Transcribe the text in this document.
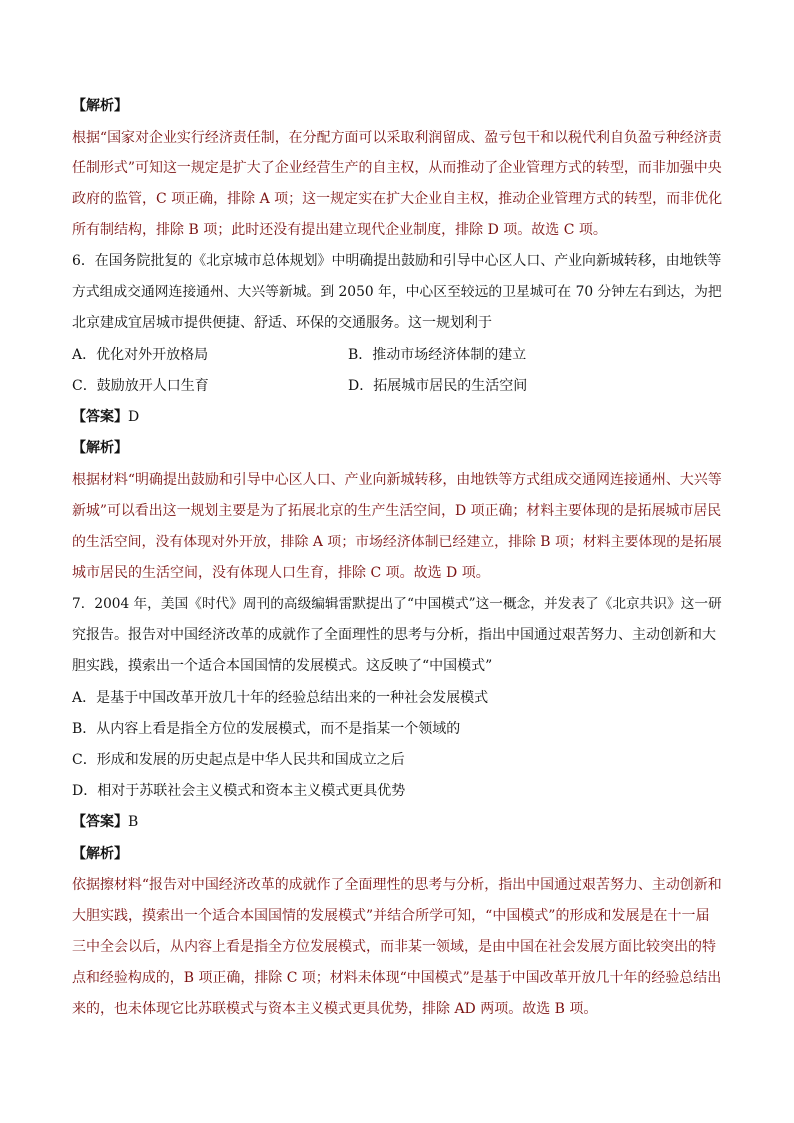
【解析】
根据“国家对企业实行经济责任制，在分配方面可以采取利润留成、盈亏包干和以税代利自负盈亏种经济责
任制形式”可知这一规定是扩大了企业经营生产的自主权，从而推动了企业管理方式的转型，而非加强中央
政府的监管，C 项正确，排除 A 项；这一规定实在扩大企业自主权，推动企业管理方式的转型，而非优化
所有制结构，排除 B 项；此时还没有提出建立现代企业制度，排除 D 项。故选 C 项。
6．在国务院批复的《北京城市总体规划》中明确提出鼓励和引导中心区人口、产业向新城转移，由地铁等
方式组成交通网连接通州、大兴等新城。到 2050 年，中心区至较远的卫星城可在 70 分钟左右到达，为把
北京建成宜居城市提供便捷、舒适、环保的交通服务。这一规划利于
A．优化对外开放格局	B．推动市场经济体制的建立
C．鼓励放开人口生育	D．拓展城市居民的生活空间
【答案】D
【解析】
根据材料“明确提出鼓励和引导中心区人口、产业向新城转移，由地铁等方式组成交通网连接通州、大兴等
新城”可以看出这一规划主要是为了拓展北京的生产生活空间，D 项正确；材料主要体现的是拓展城市居民
的生活空间，没有体现对外开放，排除 A 项；市场经济体制已经建立，排除 B 项；材料主要体现的是拓展
城市居民的生活空间，没有体现人口生育，排除 C 项。故选 D 项。
7．2004 年，美国《时代》周刊的高级编辑雷默提出了“中国模式”这一概念，并发表了《北京共识》这一研
究报告。报告对中国经济改革的成就作了全面理性的思考与分析，指出中国通过艰苦努力、主动创新和大
胆实践，摸索出一个适合本国国情的发展模式。这反映了“中国模式”
A．是基于中国改革开放几十年的经验总结出来的一种社会发展模式
B．从内容上看是指全方位的发展模式，而不是指某一个领域的
C．形成和发展的历史起点是中华人民共和国成立之后
D．相对于苏联社会主义模式和资本主义模式更具优势
【答案】B
【解析】
依据擦材料“报告对中国经济改革的成就作了全面理性的思考与分析，指出中国通过艰苦努力、主动创新和
大胆实践，摸索出一个适合本国国情的发展模式”并结合所学可知，“中国模式”的形成和发展是在十一届
三中全会以后，从内容上看是指全方位发展模式，而非某一领域，是由中国在社会发展方面比较突出的特
点和经验构成的，B 项正确，排除 C 项；材料未体现“中国模式”是基于中国改革开放几十年的经验总结出
来的，也未体现它比苏联模式与资本主义模式更具优势，排除 AD 两项。故选 B 项。
